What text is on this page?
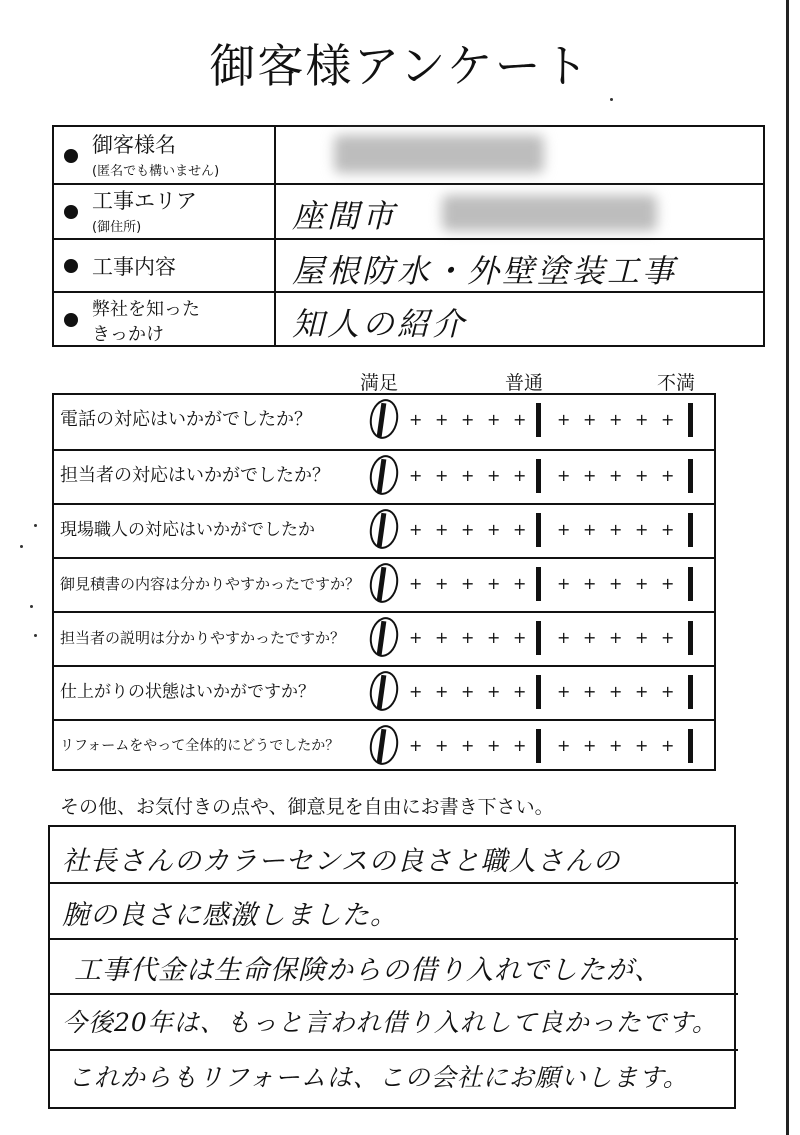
御客様アンケート
御客様名
(匿名でも構いません)
工事エリア
(御住所)	座間市
工事内容	屋根防水・外壁塗装工事
弊社を知った
きっかけ	知人の紹介
満足	普通	不満
電話の対応はいかがでしたか？	+ + + + + + + + + +
担当者の対応はいかがでしたか？	+ + + + + + + + + +
現場職人の対応はいかがでしたか	+ + + + + + + + + +
御見積書の内容は分かりやすかったですか？	+ + + + + + + + + +
担当者の説明は分かりやすかったですか？	+ + + + + + + + + +
仕上がりの状態はいかがですか？	+ + + + + + + + + +
リフォームをやって全体的にどうでしたか？	+ + + + + + + + + +
その他、お気付きの点や、御意見を自由にお書き下さい。
社長さんのカラーセンスの良さと職人さんの
腕の良さに感激しました。
工事代金は生命保険からの借り入れでしたが、
今後20年は、もっと言われ借り入れして良かったです。
これからもリフォームは、この会社にお願いします。
